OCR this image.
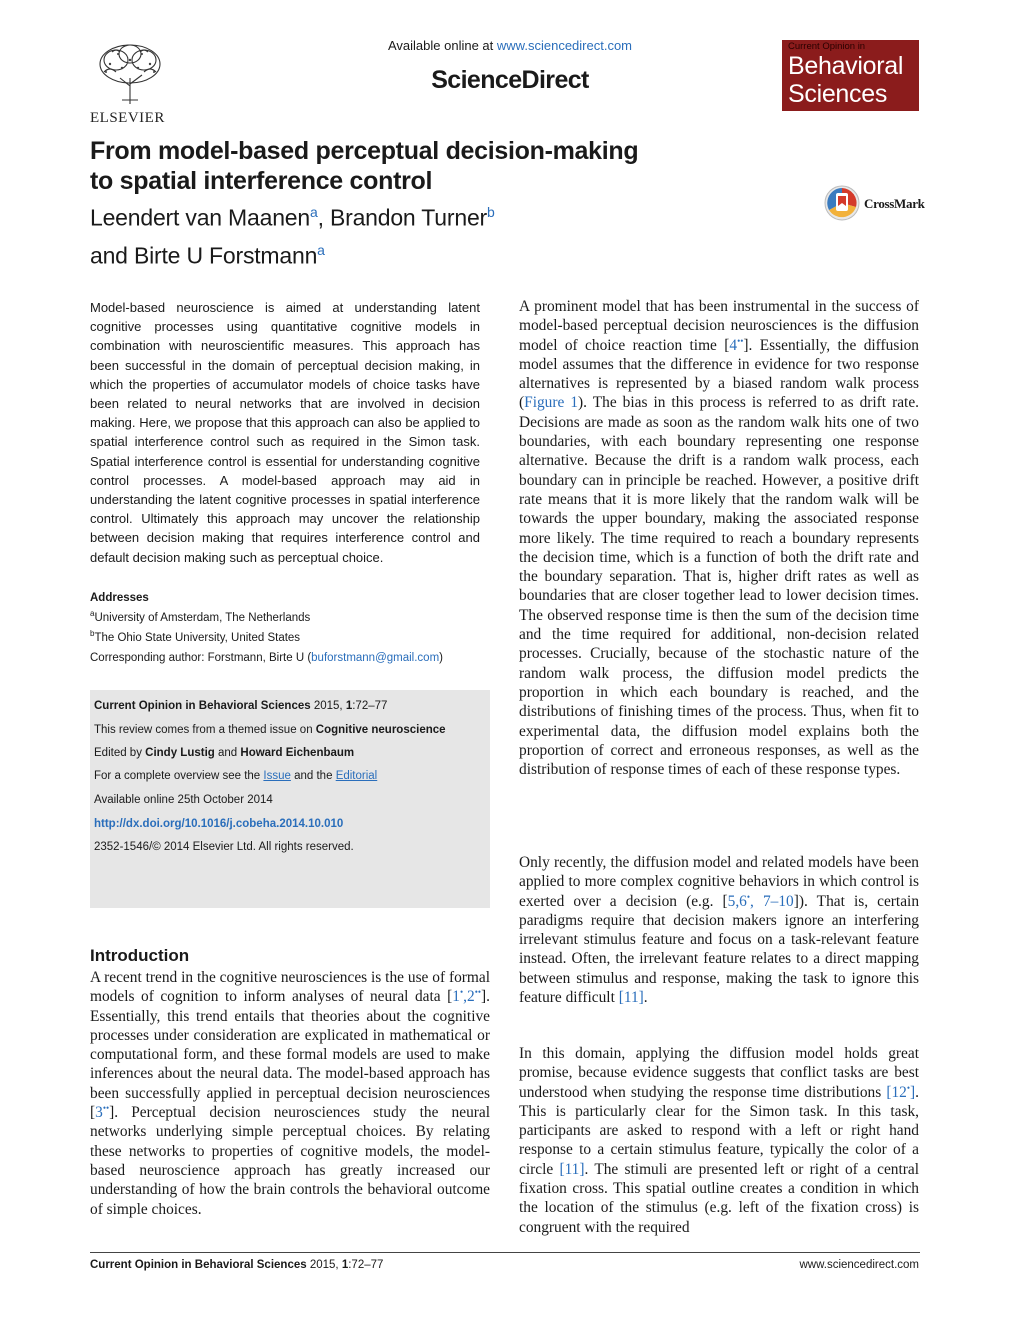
ELSEVIER
Available online at www.sciencedirect.com
ScienceDirect
Current Opinion in
Behavioral
Sciences
From model-based perceptual decision-making
to spatial interference control
Leendert van Maanen$^a$, Brandon Turner$^b$
and Birte U Forstmann$^a$
CrossMark
Model-based neuroscience is aimed at understanding latent cognitive processes using quantitative cognitive models in combination with neuroscientific measures. This approach has been successful in the domain of perceptual decision making, in which the properties of accumulator models of choice tasks have been related to neural networks that are involved in decision making. Here, we propose that this approach can also be applied to spatial interference control such as required in the Simon task. Spatial interference control is essential for understanding cognitive control processes. A model-based approach may aid in understanding the latent cognitive processes in spatial interference control. Ultimately this approach may uncover the relationship between decision making that requires interference control and default decision making such as perceptual choice.
Addresses
$^a$University of Amsterdam, The Netherlands
$^b$The Ohio State University, United States
Corresponding author: Forstmann, Birte U (buforstmann@gmail.com)
Current Opinion in Behavioral Sciences 2015, 1:72–77
This review comes from a themed issue on Cognitive neuroscience
Edited by Cindy Lustig and Howard Eichenbaum
For a complete overview see the Issue and the Editorial
Available online 25th October 2014
http://dx.doi.org/10.1016/j.cobeha.2014.10.010
2352-1546/© 2014 Elsevier Ltd. All rights reserved.
Introduction
A recent trend in the cognitive neurosciences is the use of formal models of cognition to inform analyses of neural data [1•,2••]. Essentially, this trend entails that theories about the cognitive processes under consideration are explicated in mathematical or computational form, and these formal models are used to make inferences about the neural data. The model-based approach has been successfully applied in perceptual decision neurosciences [3••]. Perceptual decision neurosciences study the neural networks underlying simple perceptual choices. By relating these networks to properties of cognitive models, the model-based neuroscience approach has greatly increased our understanding of how the brain controls the behavioral outcome of simple choices.
A prominent model that has been instrumental in the success of model-based perceptual decision neurosciences is the diffusion model of choice reaction time [4••]. Essentially, the diffusion model assumes that the difference in evidence for two response alternatives is represented by a biased random walk process (Figure 1). The bias in this process is referred to as drift rate. Decisions are made as soon as the random walk hits one of two boundaries, with each boundary representing one response alternative. Because the drift is a random walk process, each boundary can in principle be reached. However, a positive drift rate means that it is more likely that the random walk will be towards the upper boundary, making the associated response more likely. The time required to reach a boundary represents the decision time, which is a function of both the drift rate and the boundary separation. That is, higher drift rates as well as boundaries that are closer together lead to lower decision times. The observed response time is then the sum of the decision time and the time required for additional, non-decision related processes. Crucially, because of the stochastic nature of the random walk process, the diffusion model predicts the proportion in which each boundary is reached, and the distributions of finishing times of the process. Thus, when fit to experimental data, the diffusion model explains both the proportion of correct and erroneous responses, as well as the distribution of response times of each of these response types.
Only recently, the diffusion model and related models have been applied to more complex cognitive behaviors in which control is exerted over a decision (e.g. [5,6•, 7–10]). That is, certain paradigms require that decision makers ignore an interfering irrelevant stimulus feature and focus on a task-relevant feature instead. Often, the irrelevant feature relates to a direct mapping between stimulus and response, making the task to ignore this feature difficult [11].
In this domain, applying the diffusion model holds great promise, because evidence suggests that conflict tasks are best understood when studying the response time distributions [12•]. This is particularly clear for the Simon task. In this task, participants are asked to respond with a left or right hand response to a certain stimulus feature, typically the color of a circle [11]. The stimuli are presented left or right of a central fixation cross. This spatial outline creates a condition in which the location of the stimulus (e.g. left of the fixation cross) is congruent with the required
Current Opinion in Behavioral Sciences 2015, 1:72–77	www.sciencedirect.com
